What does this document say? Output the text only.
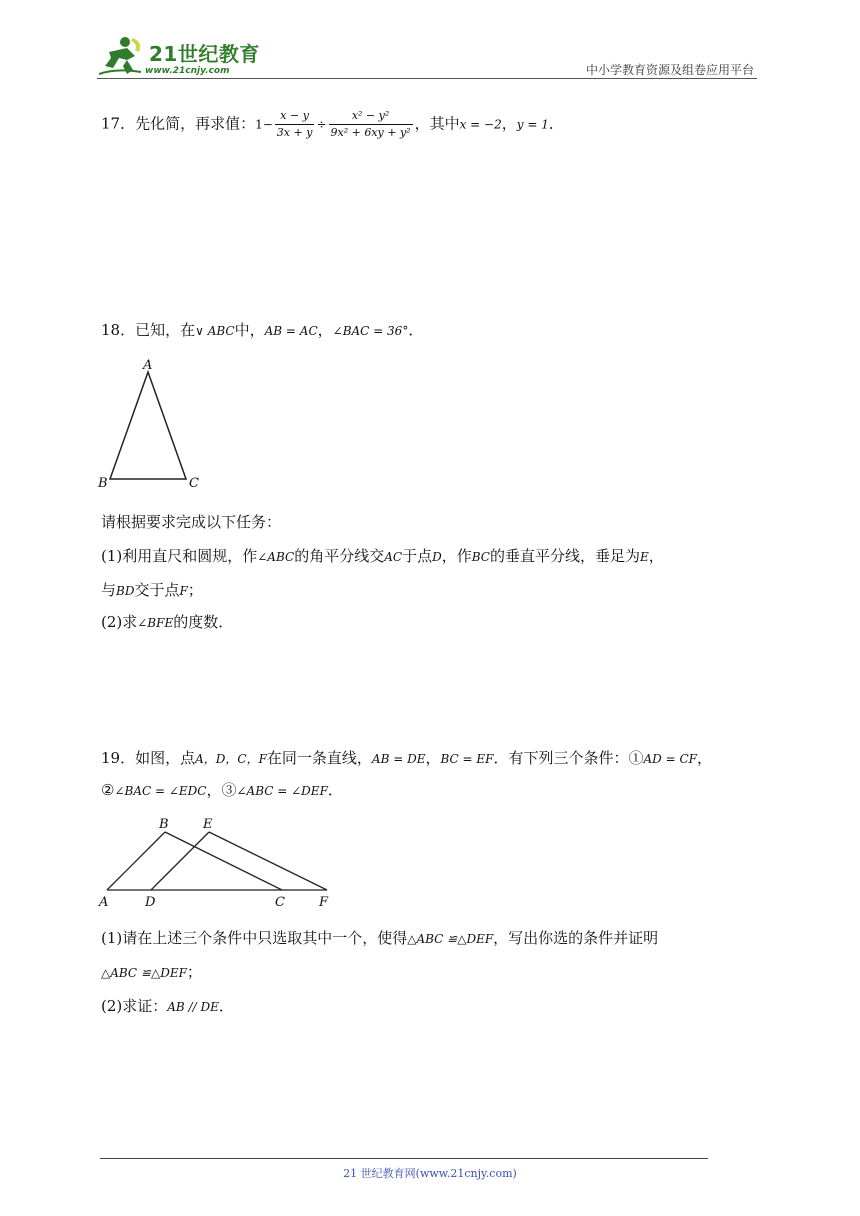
21世纪教育
www.21cnjy.com	中小学教育资源及组卷应用平台
17．先化简，再求值：$1- \frac{x - y}{3x + y} \div \frac{\text{x² − y²}}{\text{9x² + 6xy + y²}}$ ，其中x = −2，y = 1．
18．已知，在∨ ABC中，AB = AC，∠BAC = 36°．
A
B	C
请根据要求完成以下任务：
(1)利用直尺和圆规，作∠ABC的角平分线交AC于点D，作BC的垂直平分线，垂足为E，
与BD交于点F；
(2)求∠BFE的度数．
19．如图，点A，D，C，F在同一条直线，AB = DE，BC = EF．有下列三个条件：①AD = CF，
②∠BAC = ∠EDC，③∠ABC = ∠DEF．
B	E
A	D	C	F
(1)请在上述三个条件中只选取其中一个，使得△ABC ≌△DEF，写出你选的条件并证明
△ABC ≌△DEF；
(2)求证：AB // DE．
21 世纪教育网(www.21cnjy.com)
